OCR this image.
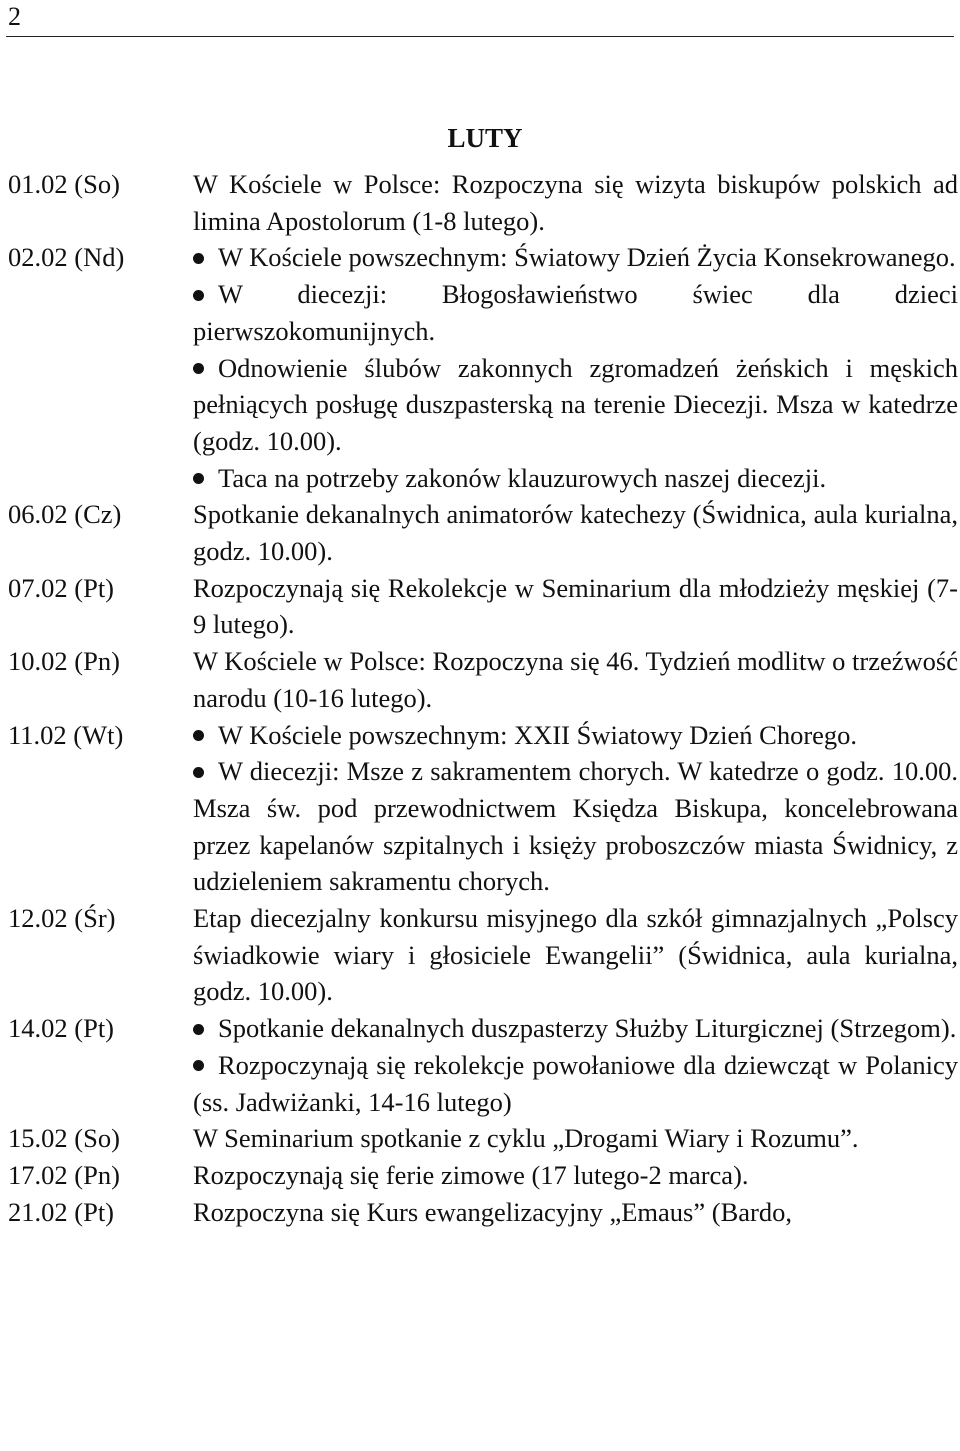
2
LUTY
01.02 (So)	W Kościele w Polsce: Rozpoczyna się wizyta biskupów polskich ad limina Apostolorum (1-8 lutego).
02.02 (Nd)	W Kościele powszechnym: Światowy Dzień Życia Konsekrowanego.
W diecezji: Błogosławieństwo świec dla dzieci pierwszokomunijnych.
Odnowienie ślubów zakonnych zgromadzeń żeńskich i męskich pełniących posługę duszpasterską na terenie Diecezji. Msza w katedrze (godz. 10.00).
Taca na potrzeby zakonów klauzurowych naszej diecezji.
06.02 (Cz)	Spotkanie dekanalnych animatorów katechezy (Świdnica, aula kurialna, godz. 10.00).
07.02 (Pt)	Rozpoczynają się Rekolekcje w Seminarium dla młodzieży męskiej (7-9 lutego).
10.02 (Pn)	W Kościele w Polsce: Rozpoczyna się 46. Tydzień modlitw o trzeźwość narodu (10-16 lutego).
11.02 (Wt)	W Kościele powszechnym: XXII Światowy Dzień Chorego.
W diecezji: Msze z sakramentem chorych. W katedrze o godz. 10.00. Msza św. pod przewodnictwem Księdza Biskupa, koncelebrowana przez kapelanów szpitalnych i księży proboszczów miasta Świdnicy, z udzieleniem sakramentu chorych.
12.02 (Śr)	Etap diecezjalny konkursu misyjnego dla szkół gimnazjalnych „Polscy świadkowie wiary i głosiciele Ewangelii” (Świdnica, aula kurialna, godz. 10.00).
14.02 (Pt)	Spotkanie dekanalnych duszpasterzy Służby Liturgicznej (Strzegom).
Rozpoczynają się rekolekcje powołaniowe dla dziewcząt w Polanicy (ss. Jadwiżanki, 14-16 lutego)
15.02 (So)	W Seminarium spotkanie z cyklu „Drogami Wiary i Rozumu”.
17.02 (Pn)	Rozpoczynają się ferie zimowe (17 lutego-2 marca).
21.02 (Pt)	Rozpoczyna się Kurs ewangelizacyjny „Emaus” (Bardo,
